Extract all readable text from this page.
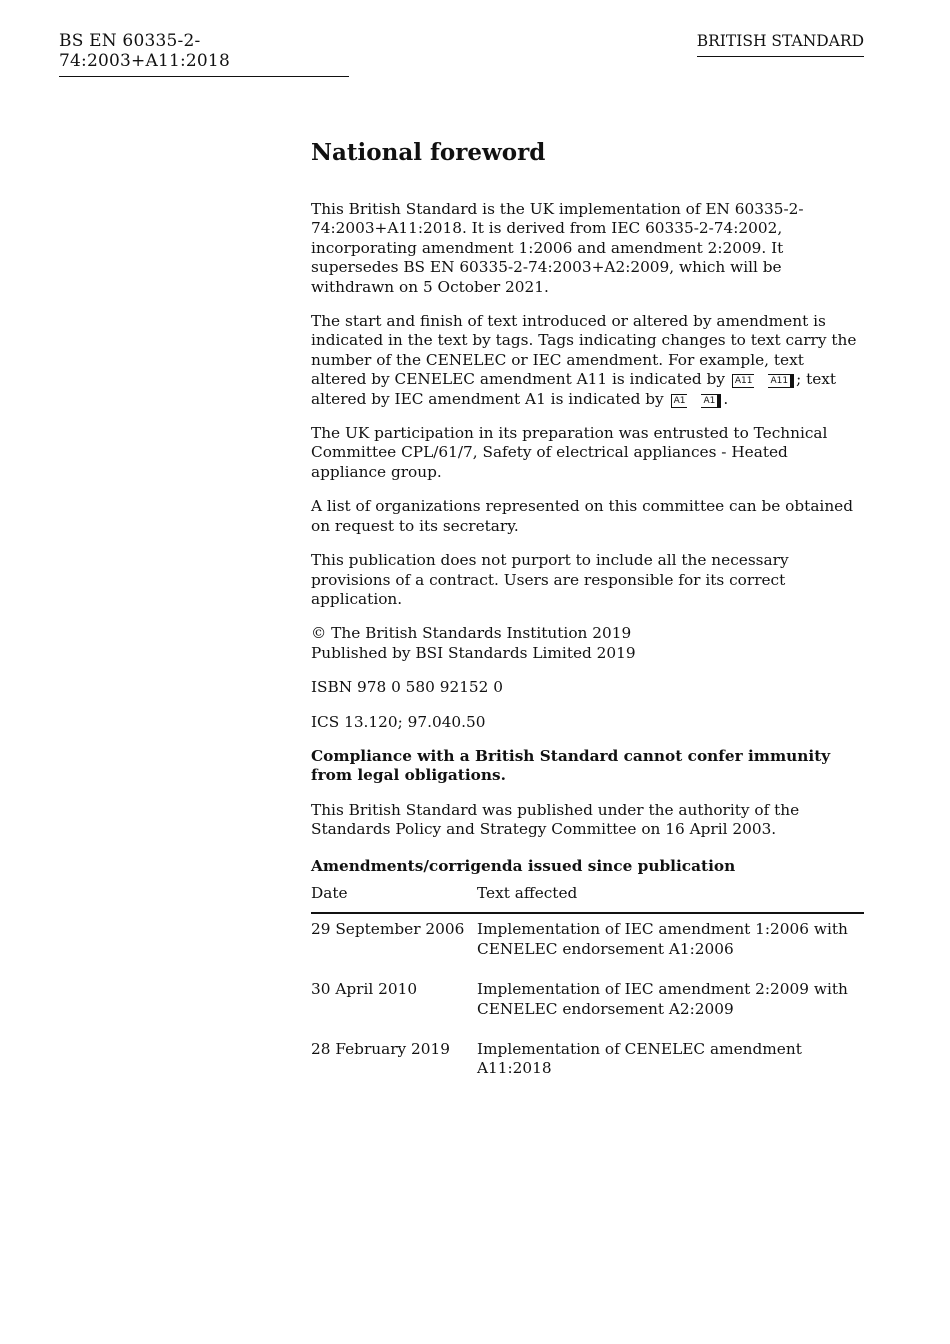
BS EN 60335-2-74:2003+A11:2018
BRITISH STANDARD
National foreword

This British Standard is the UK implementation of EN 60335-2-74:2003+A11:2018. It is derived from IEC 60335-2-74:2002, incorporating amendment 1:2006 and amendment 2:2009. It supersedes BS EN 60335-2-74:2003+A2:2009, which will be withdrawn on 5 October 2021.

The start and finish of text introduced or altered by amendment is indicated in the text by tags. Tags indicating changes to text carry the number of the CENELEC or IEC amendment. For example, text altered by CENELEC amendment A11 is indicated by A11 A11 ; text altered by IEC amendment A1 is indicated by A1 A1 .

The UK participation in its preparation was entrusted to Technical Committee CPL/61/7, Safety of electrical appliances - Heated appliance group.

A list of organizations represented on this committee can be obtained on request to its secretary.

This publication does not purport to include all the necessary provisions of a contract. Users are responsible for its correct application.

© The British Standards Institution 2019
Published by BSI Standards Limited 2019

ISBN 978 0 580 92152 0

ICS 13.120; 97.040.50

Compliance with a British Standard cannot confer immunity from legal obligations.

This British Standard was published under the authority of the Standards Policy and Strategy Committee on 16 April 2003.

Amendments/corrigenda issued since publication
Date	Text affected
29 September 2006	Implementation of IEC amendment 1:2006 with CENELEC endorsement A1:2006
30 April 2010	Implementation of IEC amendment 2:2009 with CENELEC endorsement A2:2009
28 February 2019	Implementation of CENELEC amendment A11:2018
